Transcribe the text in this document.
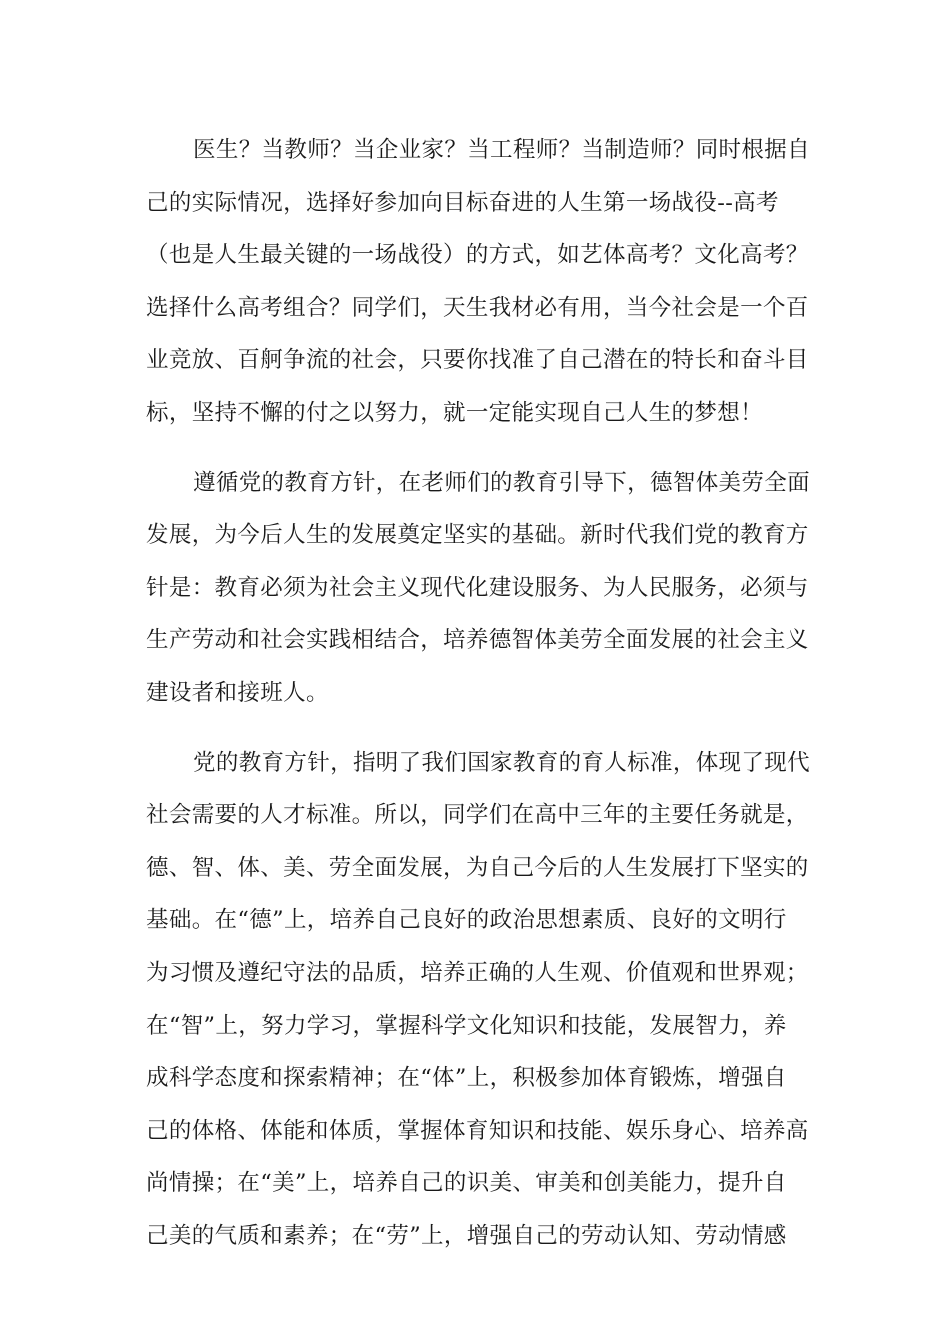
医生？当教师？当企业家？当工程师？当制造师？同时根据自
己的实际情况，选择好参加向目标奋进的人生第一场战役--高考
（也是人生最关键的一场战役）的方式，如艺体高考？文化高考？
选择什么高考组合？同学们，天生我材必有用，当今社会是一个百
业竞放、百舸争流的社会，只要你找准了自己潜在的特长和奋斗目
标，坚持不懈的付之以努力，就一定能实现自己人生的梦想！
遵循党的教育方针，在老师们的教育引导下，德智体美劳全面
发展，为今后人生的发展奠定坚实的基础。新时代我们党的教育方
针是：教育必须为社会主义现代化建设服务、为人民服务，必须与
生产劳动和社会实践相结合，培养德智体美劳全面发展的社会主义
建设者和接班人。
党的教育方针，指明了我们国家教育的育人标准，体现了现代
社会需要的人才标准。所以，同学们在高中三年的主要任务就是，
德、智、体、美、劳全面发展，为自己今后的人生发展打下坚实的
基础。在“德”上，培养自己良好的政治思想素质、良好的文明行
为习惯及遵纪守法的品质，培养正确的人生观、价值观和世界观；
在“智”上，努力学习，掌握科学文化知识和技能，发展智力，养
成科学态度和探索精神；在“体”上，积极参加体育锻炼，增强自
己的体格、体能和体质，掌握体育知识和技能、娱乐身心、培养高
尚情操；在“美”上，培养自己的识美、审美和创美能力，提升自
己美的气质和素养；在“劳”上，增强自己的劳动认知、劳动情感
